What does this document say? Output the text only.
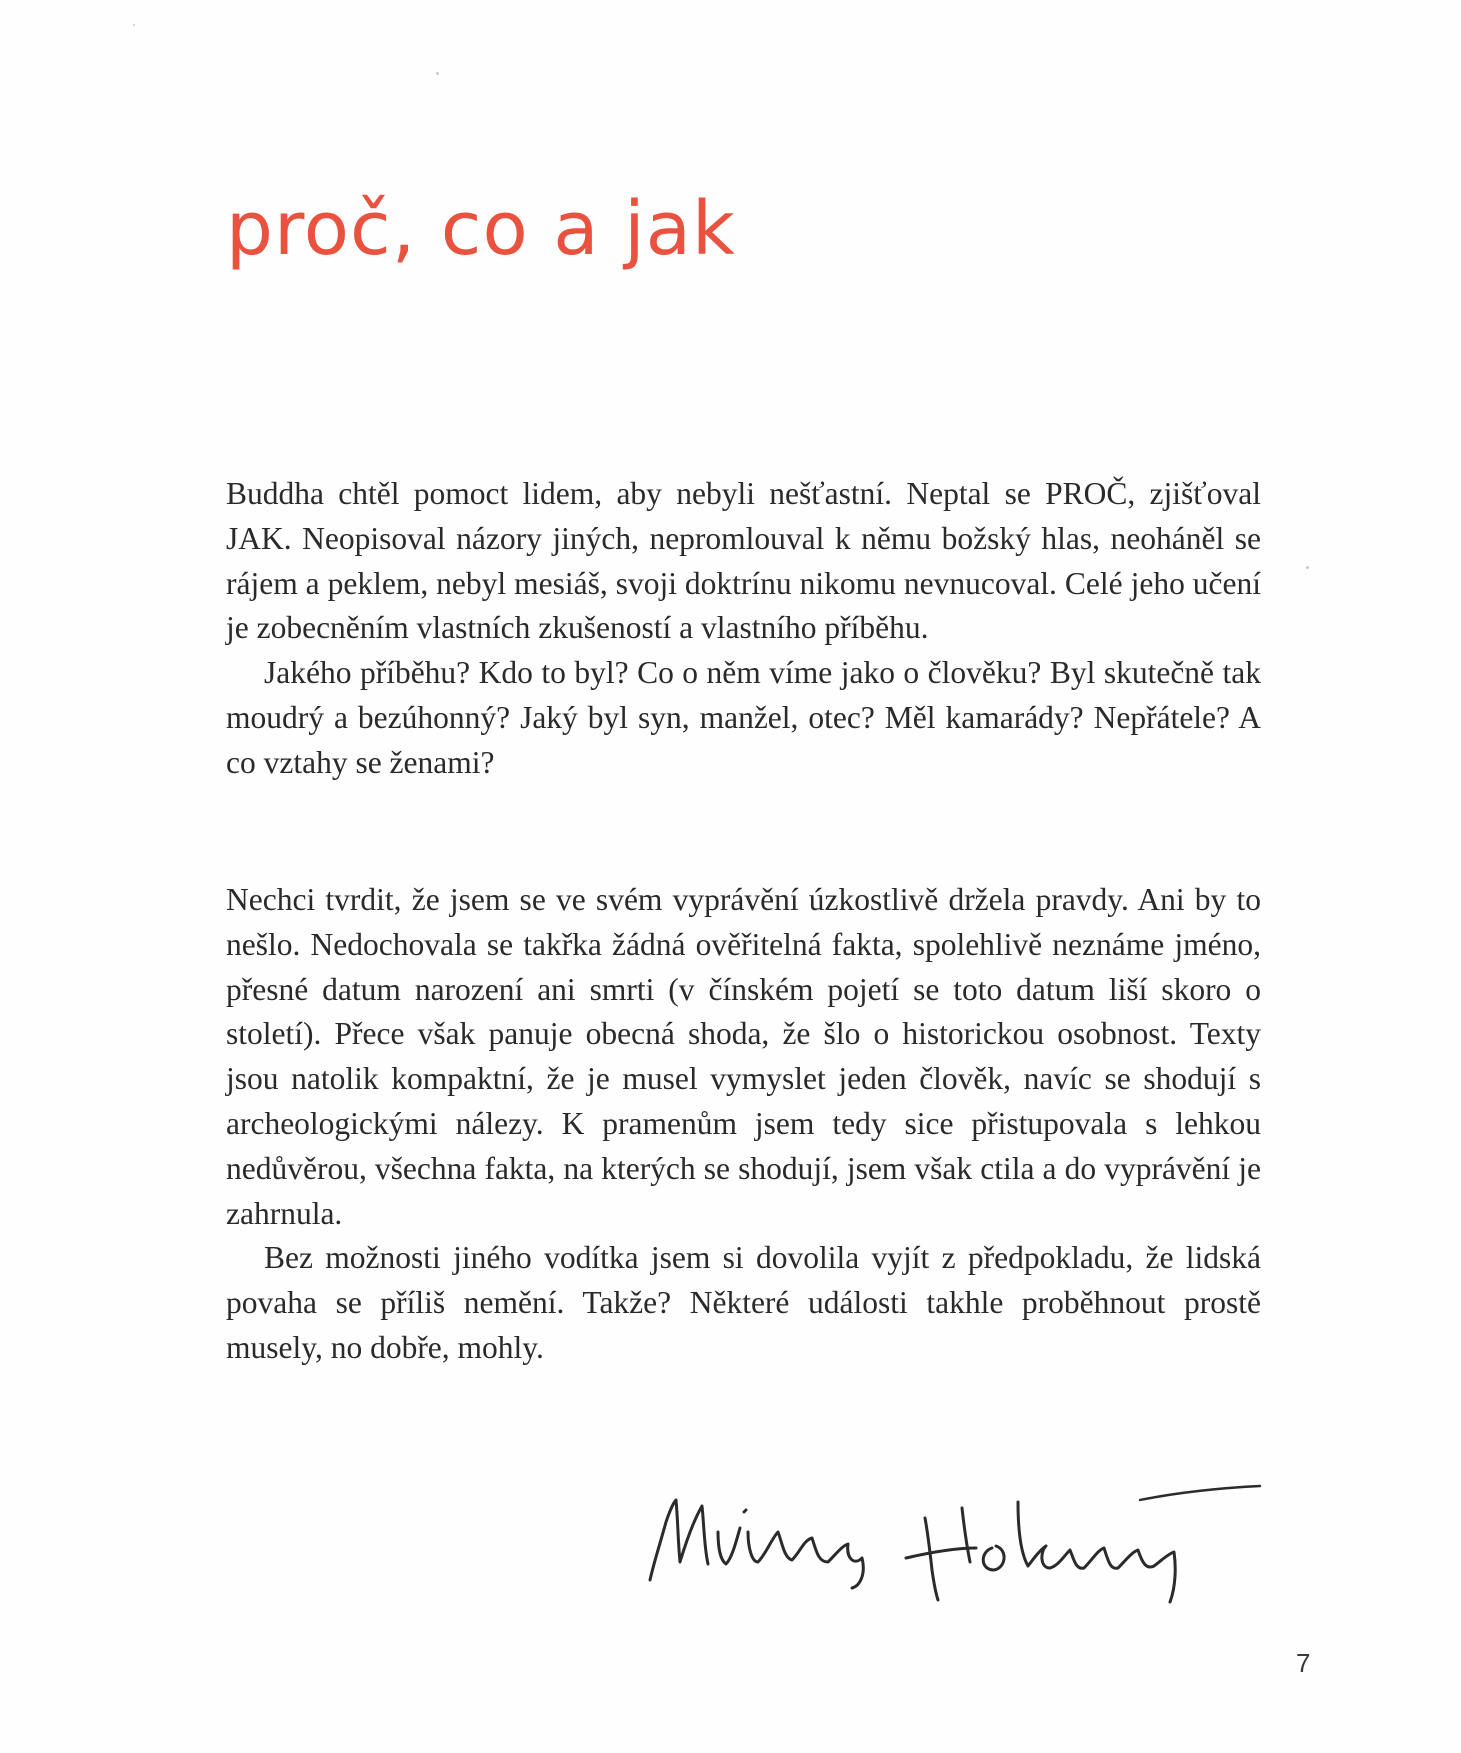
proč, co a jak

Buddha chtěl pomoct lidem, aby nebyli nešťastní. Neptal se PROČ, zjišťoval JAK. Neopisoval názory jiných, nepromlouval k němu božský hlas, neoháněl se rájem a peklem, nebyl mesiáš, svoji doktrínu nikomu nevnucoval. Celé jeho učení je zobecněním vlastních zkušeností a vlastního příběhu.

Jakého příběhu? Kdo to byl? Co o něm víme jako o člověku? Byl skutečně tak moudrý a bezúhonný? Jaký byl syn, manžel, otec? Měl kamarády? Nepřátele? A co vztahy se ženami?

Nechci tvrdit, že jsem se ve svém vyprávění úzkostlivě držela pravdy. Ani by to nešlo. Nedochovala se takřka žádná ověřitelná fakta, spolehlivě neznáme jméno, přesné datum narození ani smrti (v čínském pojetí se toto datum liší skoro o století). Přece však panuje obecná shoda, že šlo o historickou osobnost. Texty jsou natolik kompaktní, že je musel vymyslet jeden člověk, navíc se shodují s archeologickými nálezy. K pramenům jsem tedy sice přistupovala s lehkou nedůvěrou, všechna fakta, na kterých se shodují, jsem však ctila a do vyprávění je zahrnula.

Bez možnosti jiného vodítka jsem si dovolila vyjít z předpokladu, že lidská povaha se příliš nemění. Takže? Některé události takhle proběhnout prostě musely, no dobře, mohly.

7
